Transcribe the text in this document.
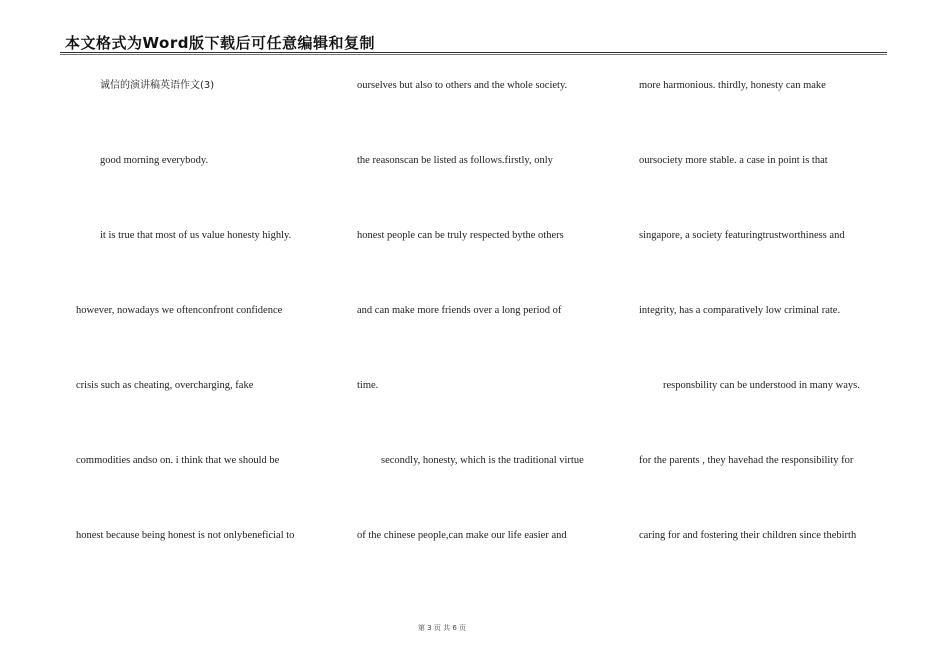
本文格式为Word版下载后可任意编辑和复制
诚信的演讲稿英语作文(3)
good morning everybody.
it is true that most of us value honesty highly.
however, nowadays we oftenconfront confidence
crisis such as cheating, overcharging, fake
commodities andso on. i think that we should be
honest because being honest is not onlybeneficial to
ourselves but also to others and the whole society.
the reasonscan be listed as follows.firstly, only
honest people can be truly respected bythe others
and can make more friends over a long period of
time.
secondly, honesty, which is the traditional virtue
of the chinese people,can make our life easier and
more harmonious. thirdly, honesty can make
oursociety more stable. a case in point is that
singapore, a society featuringtrustworthiness and
integrity, has a comparatively low criminal rate.
responsbility can be understood in many ways.
for the parents , they havehad the responsibility for
caring for and fostering their children since thebirth
第 3 页 共 6 页
